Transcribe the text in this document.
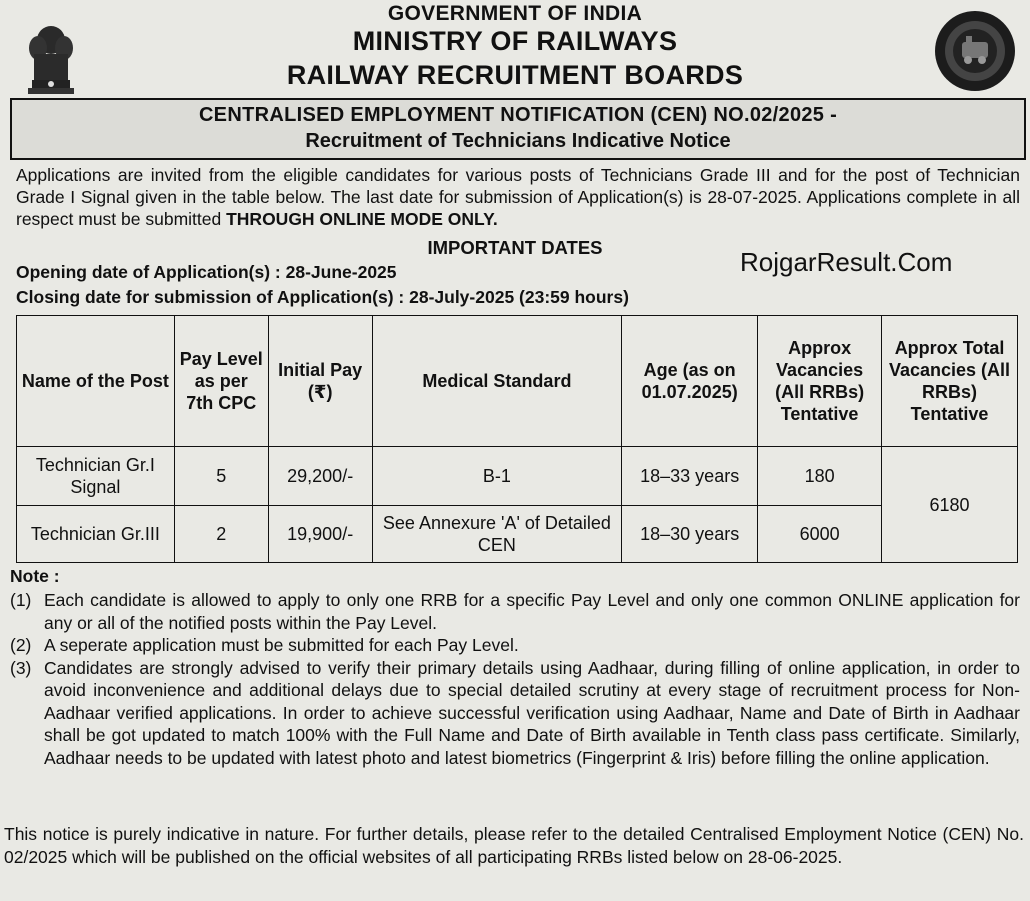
GOVERNMENT OF INDIA
MINISTRY OF RAILWAYS
RAILWAY RECRUITMENT BOARDS
CENTRALISED EMPLOYMENT NOTIFICATION (CEN) NO.02/2025 -
Recruitment of Technicians Indicative Notice
Applications are invited from the eligible candidates for various posts of Technicians Grade III and for the post of Technician Grade I Signal given in the table below. The last date for submission of Application(s) is 28-07-2025. Applications complete in all respect must be submitted THROUGH ONLINE MODE ONLY.
IMPORTANT DATES	RojgarResult.Com
Opening date of Application(s) : 28-June-2025
Closing date for submission of Application(s) : 28-July-2025 (23:59 hours)
Name of the Post	Pay Level as per 7th CPC	Initial Pay (₹)	Medical Standard	Age (as on 01.07.2025)	Approx Vacancies (All RRBs) Tentative	Approx Total Vacancies (All RRBs) Tentative
Technician Gr.I Signal	5	29,200/-	B-1	18–33 years	180	6180
Technician Gr.III	2	19,900/-	See Annexure 'A' of Detailed CEN	18–30 years	6000	
Note :
(1) Each candidate is allowed to apply to only one RRB for a specific Pay Level and only one common ONLINE application for any or all of the notified posts within the Pay Level.
(2) A seperate application must be submitted for each Pay Level.
(3) Candidates are strongly advised to verify their primary details using Aadhaar, during filling of online application, in order to avoid inconvenience and additional delays due to special detailed scrutiny at every stage of recruitment process for Non-Aadhaar verified applications. In order to achieve successful verification using Aadhaar, Name and Date of Birth in Aadhaar shall be got updated to match 100% with the Full Name and Date of Birth available in Tenth class pass certificate. Similarly, Aadhaar needs to be updated with latest photo and latest biometrics (Fingerprint & Iris) before filling the online application.
This notice is purely indicative in nature. For further details, please refer to the detailed Centralised Employment Notice (CEN) No. 02/2025 which will be published on the official websites of all participating RRBs listed below on 28-06-2025.
